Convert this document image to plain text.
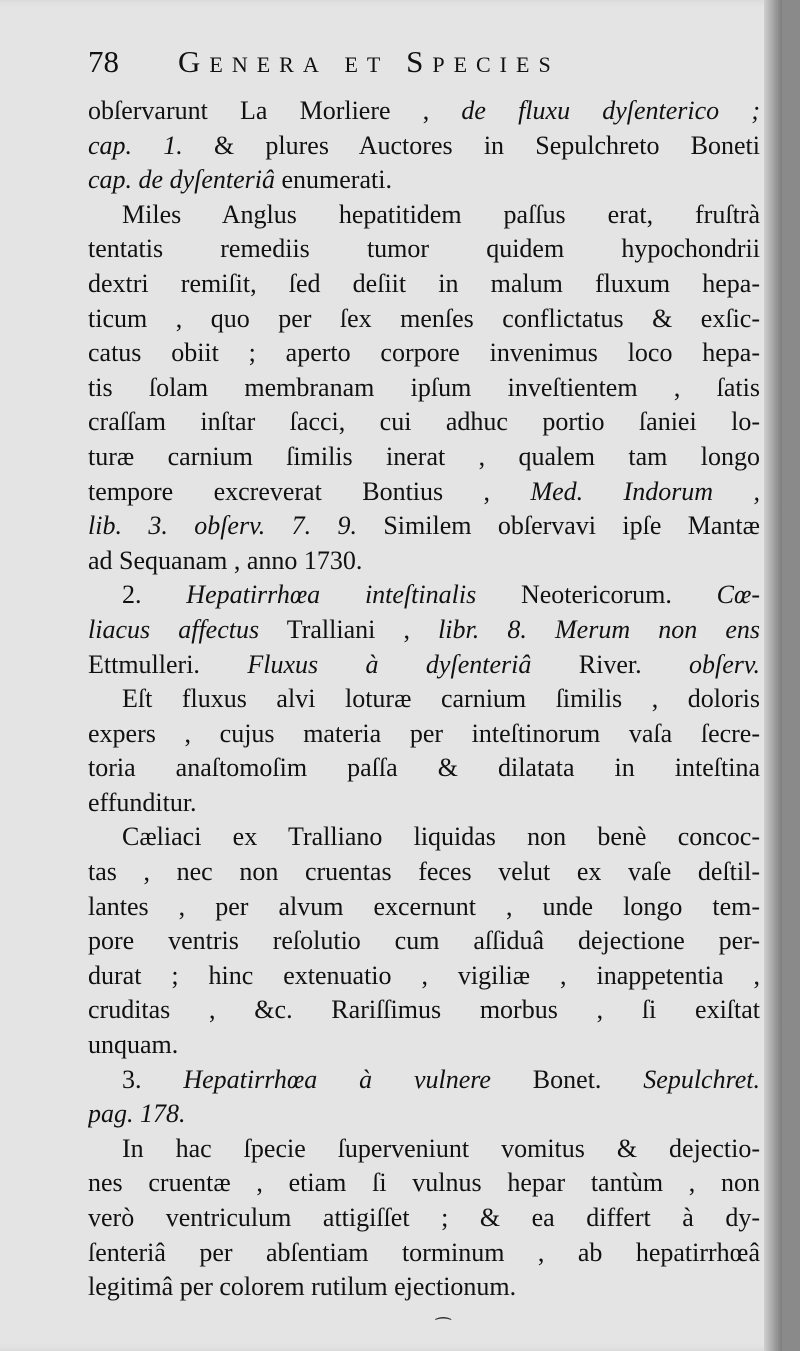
78	Genera et Species
obſervarunt La Morliere , de fluxu dyſenterico ;
cap. 1. & plures Auctores in Sepulchreto Boneti
cap. de dyſenteriâ enumerati.
Miles Anglus hepatitidem paſſus erat, fruſtrà
tentatis remediis tumor quidem hypochondrii
dextri remiſit, ſed deſiit in malum fluxum hepa-
ticum , quo per ſex menſes conflictatus & exſic-
catus obiit ; aperto corpore invenimus loco hepa-
tis ſolam membranam ipſum inveſtientem , ſatis
craſſam inſtar ſacci, cui adhuc portio ſaniei lo-
turæ carnium ſimilis inerat , qualem tam longo
tempore excreverat Bontius , Med. Indorum ,
lib. 3. obſerv. 7. 9. Similem obſervavi ipſe Mantæ
ad Sequanam , anno 1730.
2. Hepatirrhœa inteſtinalis Neotericorum. Cœ-
liacus affectus Tralliani , libr. 8. Merum non ens
Ettmulleri. Fluxus à dyſenteriâ River. obſerv.
Eſt fluxus alvi loturæ carnium ſimilis , doloris
expers , cujus materia per inteſtinorum vaſa ſecre-
toria anaſtomoſim paſſa & dilatata in inteſtina
effunditur.
Cæliaci ex Tralliano liquidas non benè concoc-
tas , nec non cruentas feces velut ex vaſe deſtil-
lantes , per alvum excernunt , unde longo tem-
pore ventris reſolutio cum aſſiduâ dejectione per-
durat ; hinc extenuatio , vigiliæ , inappetentia ,
cruditas , &c. Rariſſimus morbus , ſi exiſtat
unquam.
3. Hepatirrhœa à vulnere Bonet. Sepulchret.
pag. 178.
In hac ſpecie ſuperveniunt vomitus & dejectio-
nes cruentæ , etiam ſi vulnus hepar tantùm , non
verò ventriculum attigiſſet ; & ea differt à dy-
ſenteriâ per abſentiam torminum , ab hepatirrhœâ
legitimâ per colorem rutilum ejectionum.
⁀
